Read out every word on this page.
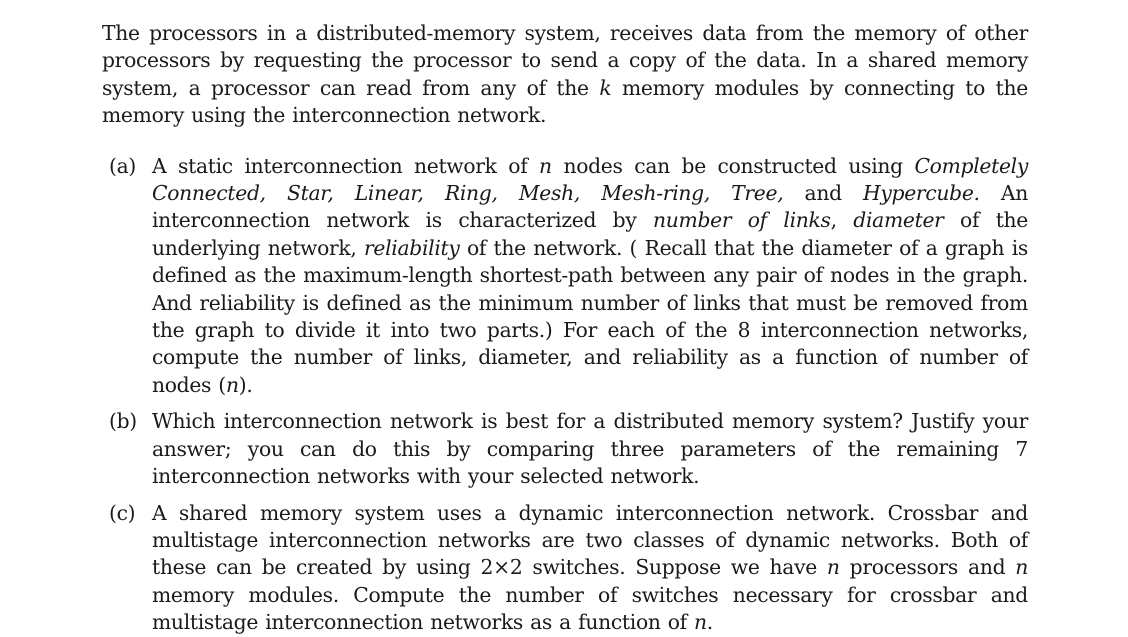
The processors in a distributed-memory system, receives data from the memory of other processors by requesting the processor to send a copy of the data. In a shared memory system, a processor can read from any of the k memory modules by connecting to the memory using the interconnection network.

(a) A static interconnection network of n nodes can be constructed using Completely Connected, Star, Linear, Ring, Mesh, Mesh-ring, Tree, and Hypercube. An interconnection network is characterized by number of links, diameter of the underlying network, reliability of the network. ( Recall that the diameter of a graph is defined as the maximum-length shortest-path between any pair of nodes in the graph. And reliability is defined as the minimum number of links that must be removed from the graph to divide it into two parts.) For each of the 8 interconnection networks, compute the number of links, diameter, and reliability as a function of number of nodes (n).

(b) Which interconnection network is best for a distributed memory system? Justify your answer; you can do this by comparing three parameters of the remaining 7 interconnection networks with your selected network.

(c) A shared memory system uses a dynamic interconnection network. Crossbar and multistage interconnection networks are two classes of dynamic networks. Both of these can be created by using 2×2 switches. Suppose we have n processors and n memory modules. Compute the number of switches necessary for crossbar and multistage interconnection networks as a function of n.
